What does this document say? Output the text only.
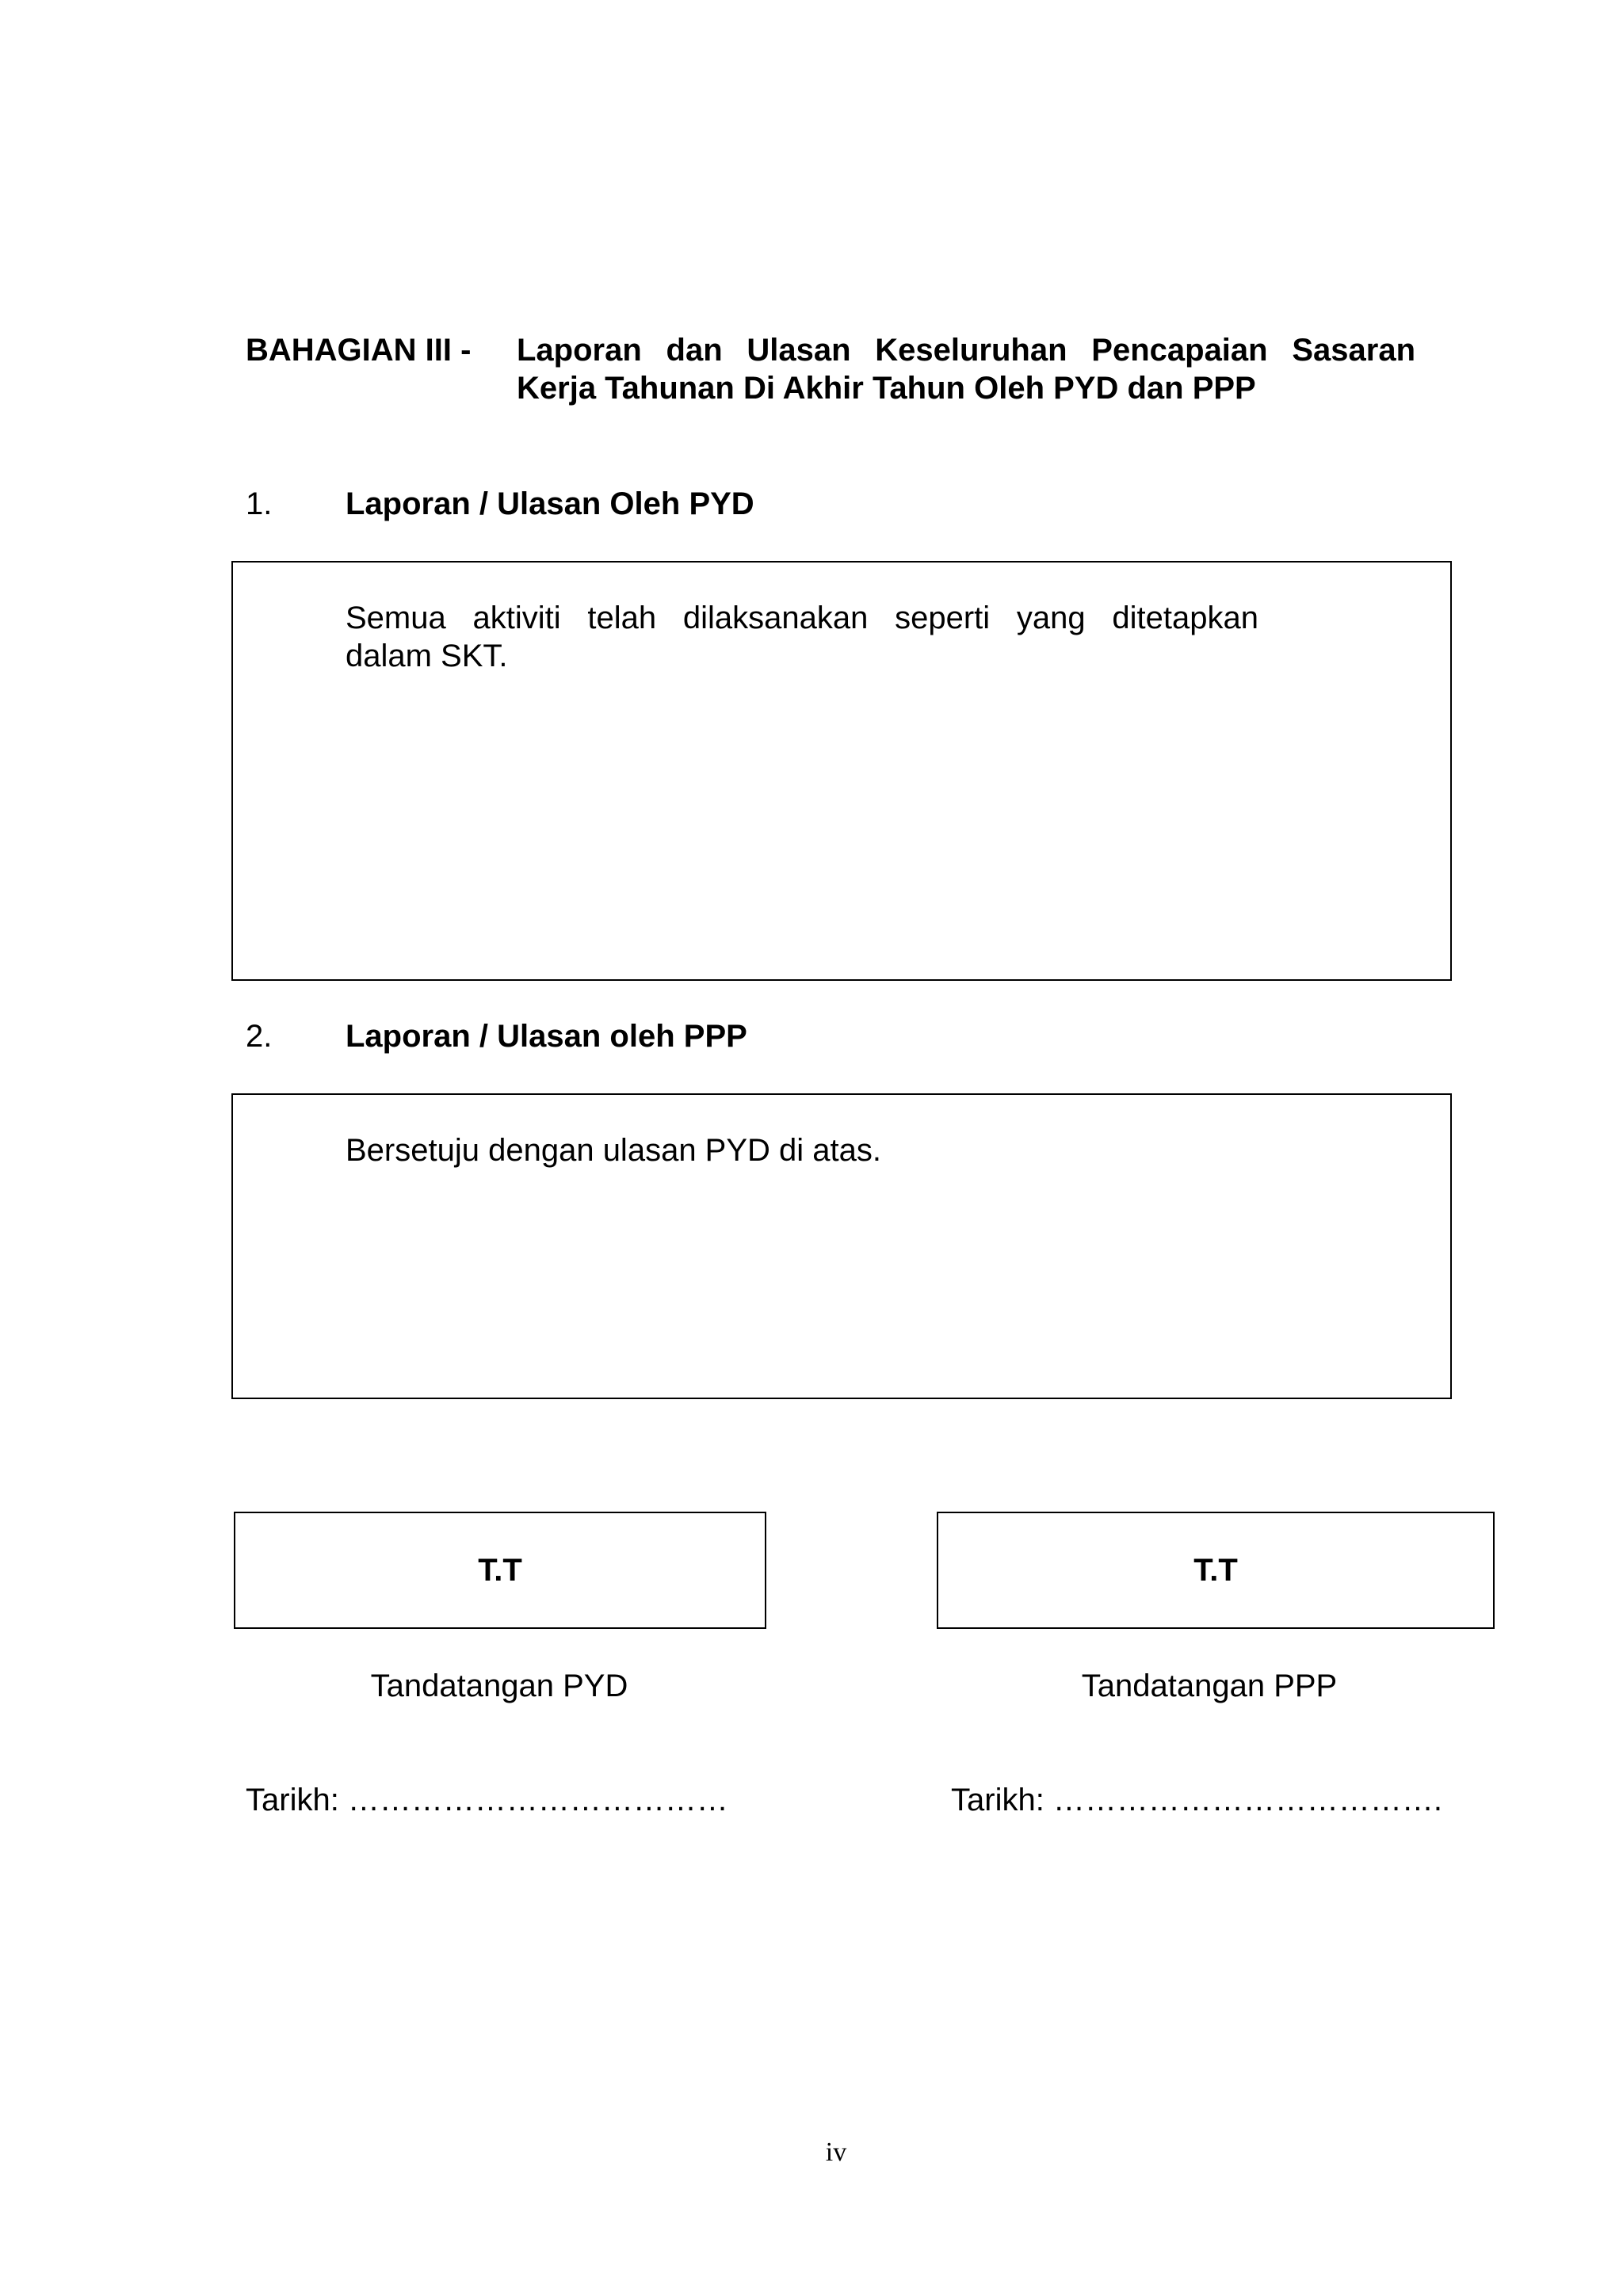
BAHAGIAN III - Laporan dan Ulasan Keseluruhan Pencapaian Sasaran
Kerja Tahunan Di Akhir Tahun Oleh PYD dan PPP
1. Laporan / Ulasan Oleh PYD
Semua aktiviti telah dilaksanakan seperti yang ditetapkan
dalam SKT.
2. Laporan / Ulasan oleh PPP
Bersetuju dengan ulasan PYD di atas.
T.T	T.T
Tandatangan PYD	Tandatangan PPP
Tarikh: ………………………………	Tarikh: ……………………………….
iv
